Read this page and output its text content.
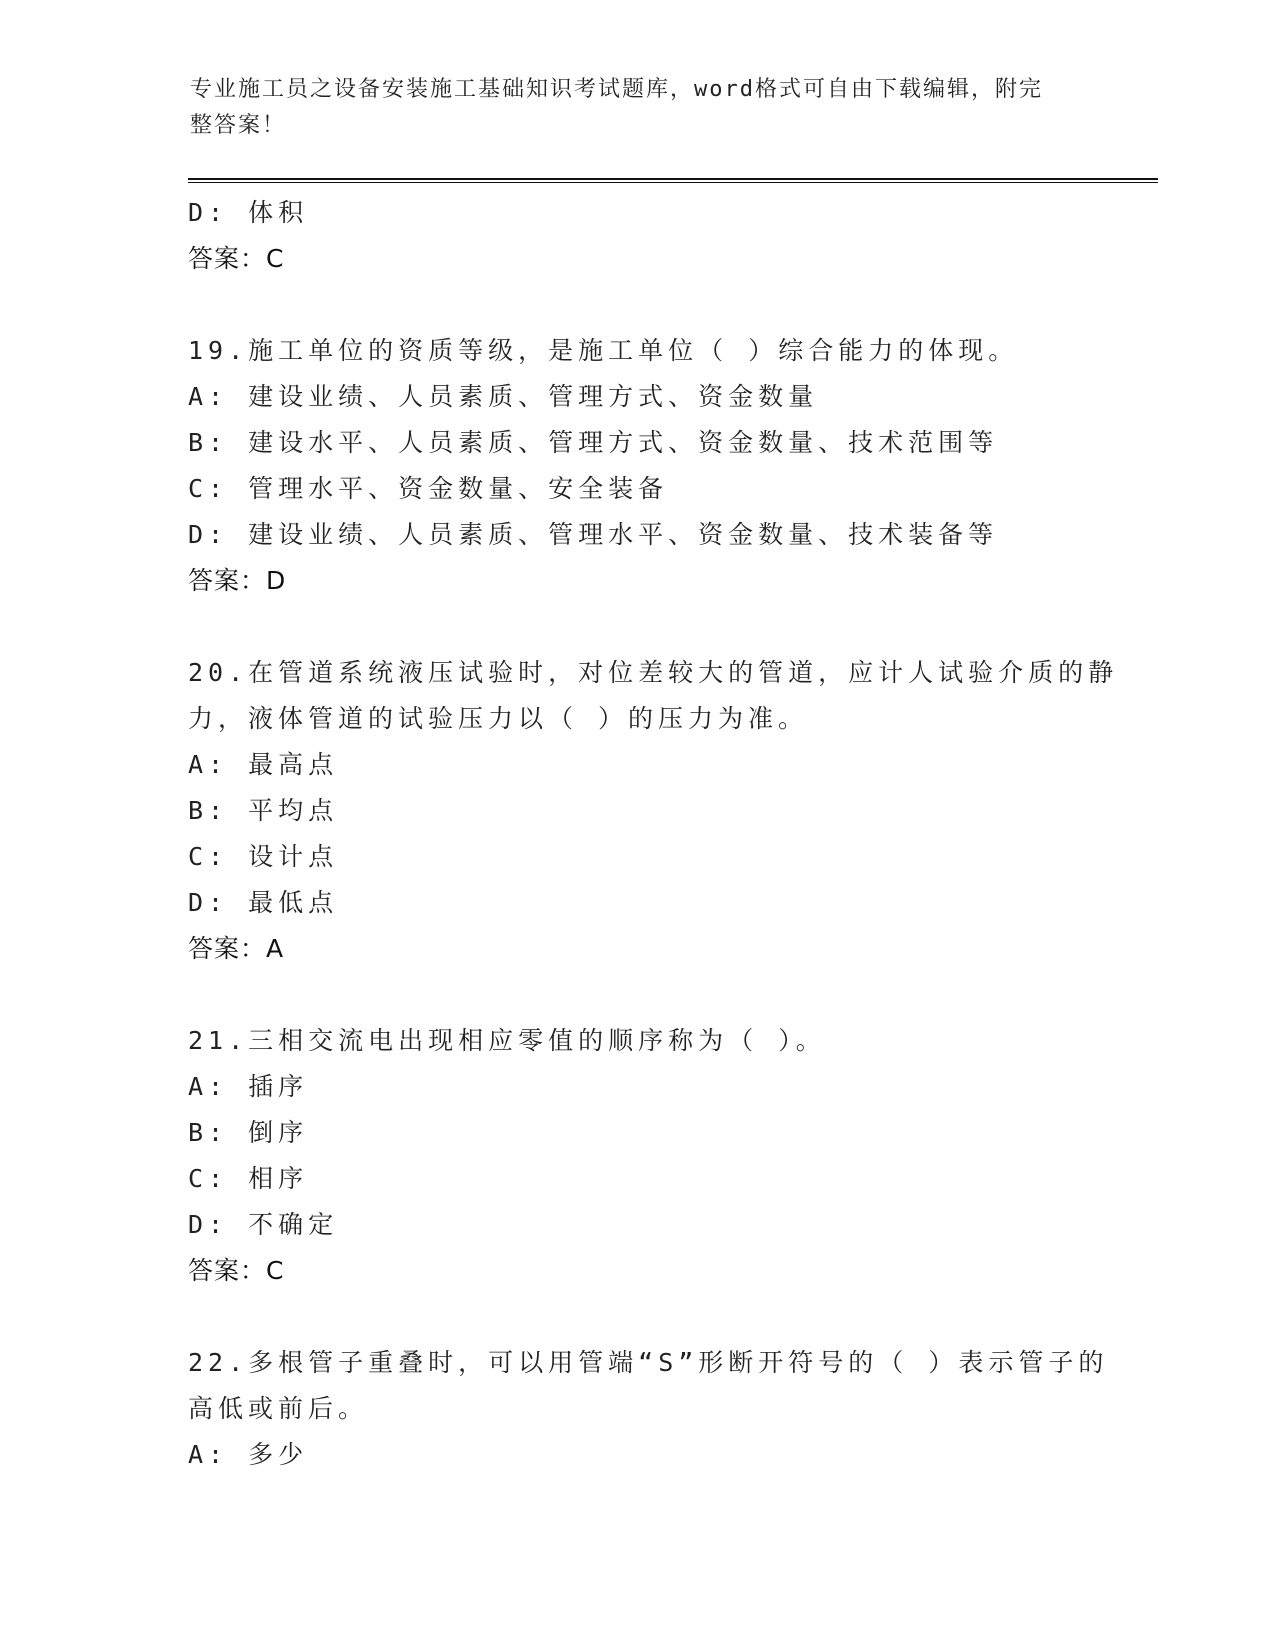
专业施工员之设备安装施工基础知识考试题库，word格式可自由下载编辑，附完
整答案！
D: 体积
答案：C
19.施工单位的资质等级，是施工单位（ ）综合能力的体现。
A: 建设业绩、人员素质、管理方式、资金数量
B: 建设水平、人员素质、管理方式、资金数量、技术范围等
C: 管理水平、资金数量、安全装备
D: 建设业绩、人员素质、管理水平、资金数量、技术装备等
答案：D
20.在管道系统液压试验时，对位差较大的管道，应计人试验介质的静
力，液体管道的试验压力以（ ）的压力为准。
A: 最高点
B: 平均点
C: 设计点
D: 最低点
答案：A
21.三相交流电出现相应零值的顺序称为（ ）。
A: 插序
B: 倒序
C: 相序
D: 不确定
答案：C
22.多根管子重叠时，可以用管端“S”形断开符号的（ ）表示管子的
高低或前后。
A: 多少
